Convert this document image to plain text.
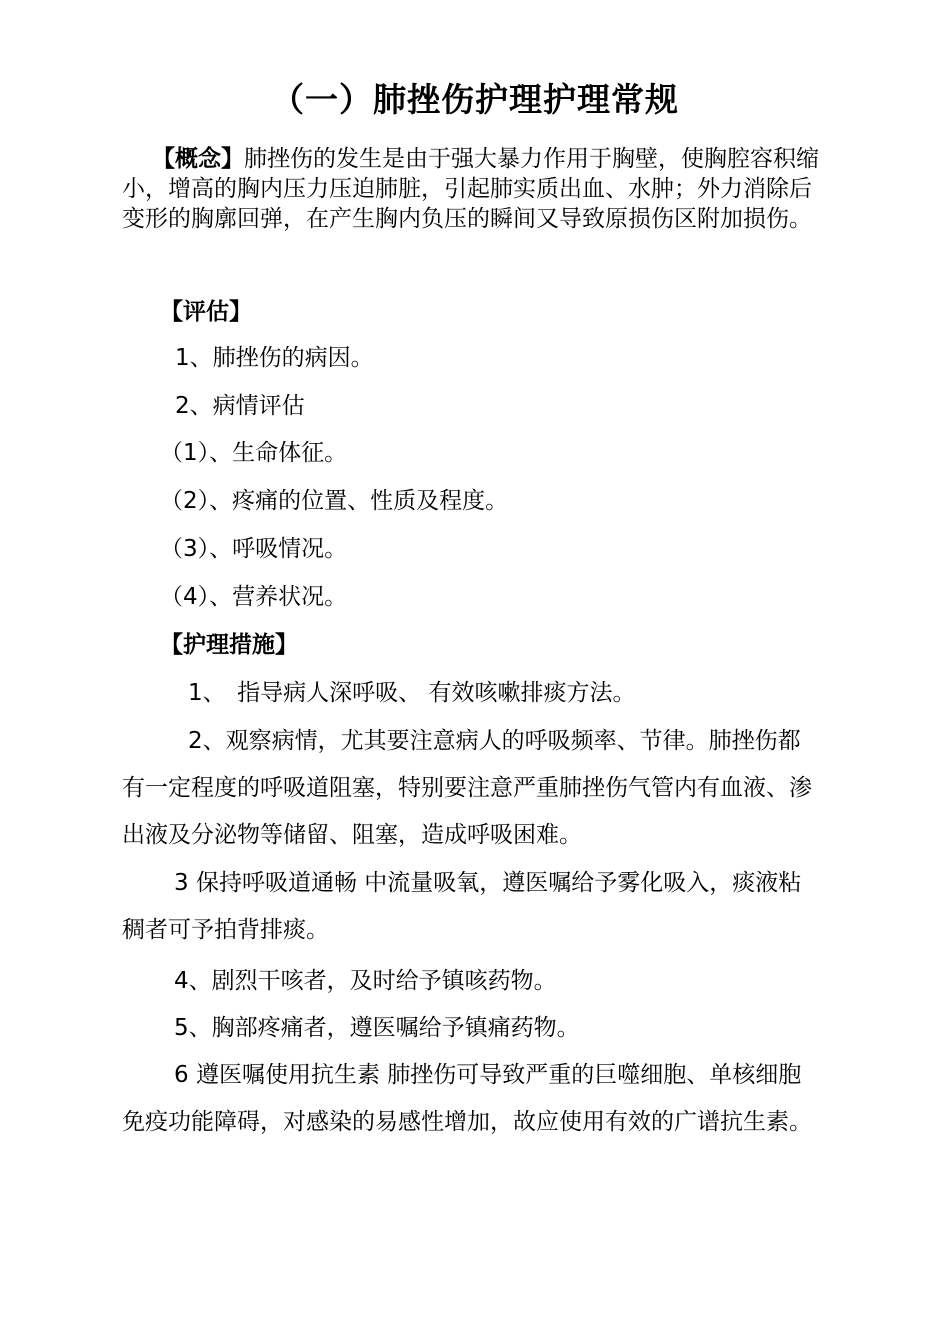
（一）肺挫伤护理护理常规
【概念】肺挫伤的发生是由于强大暴力作用于胸壁，使胸腔容积缩小，增高的胸内压力压迫肺脏，引起肺实质出血、水肿；外力消除后变形的胸廓回弹，在产生胸内负压的瞬间又导致原损伤区附加损伤。
【评估】
1、肺挫伤的病因。
2、病情评估
（1）、生命体征。
（2）、疼痛的位置、性质及程度。
（3）、呼吸情况。
（4）、营养状况。
【护理措施】
1、　指导病人深呼吸、 有效咳嗽排痰方法。
2、观察病情，尤其要注意病人的呼吸频率、节律。肺挫伤都有一定程度的呼吸道阻塞，特别要注意严重肺挫伤气管内有血液、渗出液及分泌物等储留、阻塞，造成呼吸困难。
3 保持呼吸道通畅 中流量吸氧，遵医嘱给予雾化吸入，痰液粘稠者可予拍背排痰。
4、剧烈干咳者，及时给予镇咳药物。
5、胸部疼痛者，遵医嘱给予镇痛药物。
6 遵医嘱使用抗生素 肺挫伤可导致严重的巨噬细胞、单核细胞免疫功能障碍，对感染的易感性增加，故应使用有效的广谱抗生素。
